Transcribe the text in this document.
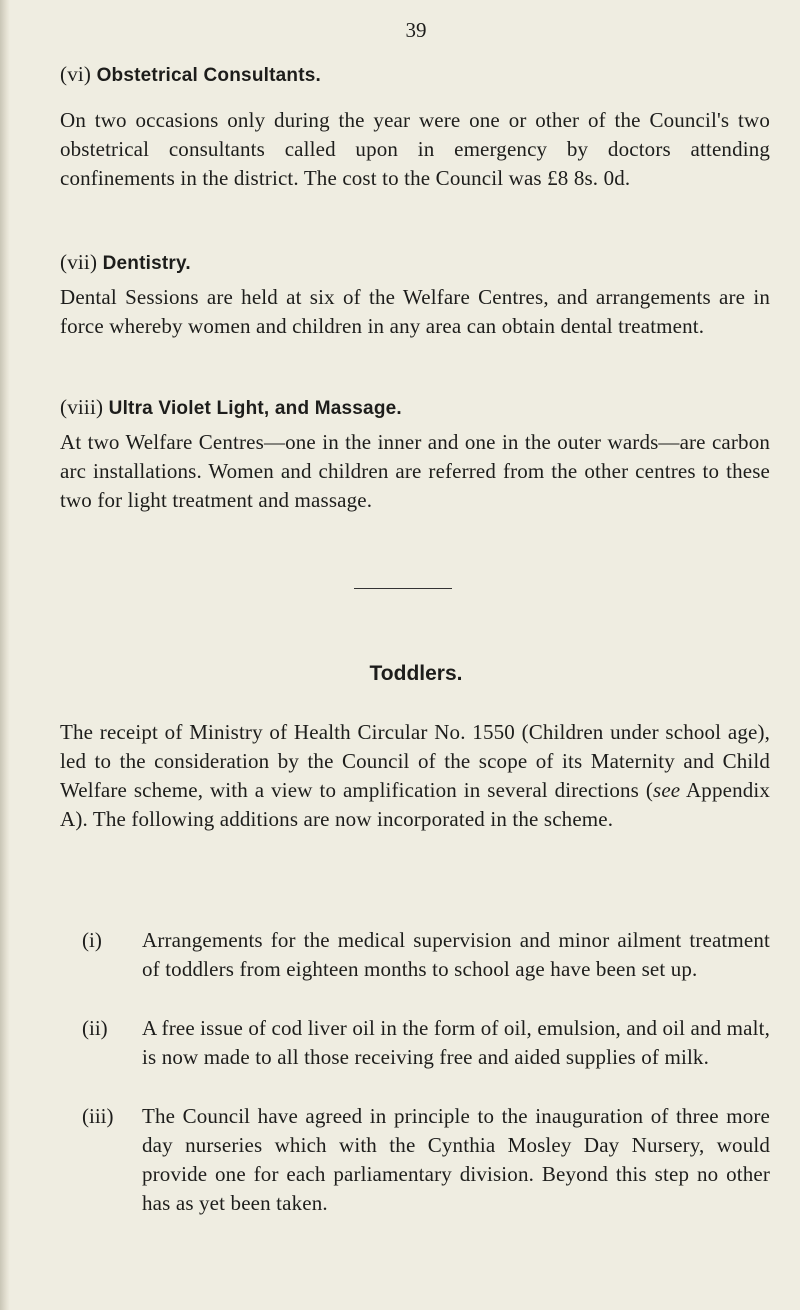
39
(vi) Obstetrical Consultants.

On two occasions only during the year were one or other of the Council's two obstetrical consultants called upon in emergency by doctors attending confinements in the district. The cost to the Council was £8 8s. 0d.

(vii) Dentistry.

Dental Sessions are held at six of the Welfare Centres, and arrangements are in force whereby women and children in any area can obtain dental treatment.

(viii) Ultra Violet Light, and Massage.

At two Welfare Centres—one in the inner and one in the outer wards—are carbon arc installations. Women and children are referred from the other centres to these two for light treatment and massage.

Toddlers.

The receipt of Ministry of Health Circular No. 1550 (Children under school age), led to the consideration by the Council of the scope of its Maternity and Child Welfare scheme, with a view to amplification in several directions (see Appendix A). The following additions are now incorporated in the scheme.

(i) Arrangements for the medical supervision and minor ailment treatment of toddlers from eighteen months to school age have been set up.
(ii) A free issue of cod liver oil in the form of oil, emulsion, and oil and malt, is now made to all those receiving free and aided supplies of milk.
(iii) The Council have agreed in principle to the inauguration of three more day nurseries which with the Cynthia Mosley Day Nursery, would provide one for each parliamentary division. Beyond this step no other has as yet been taken.
